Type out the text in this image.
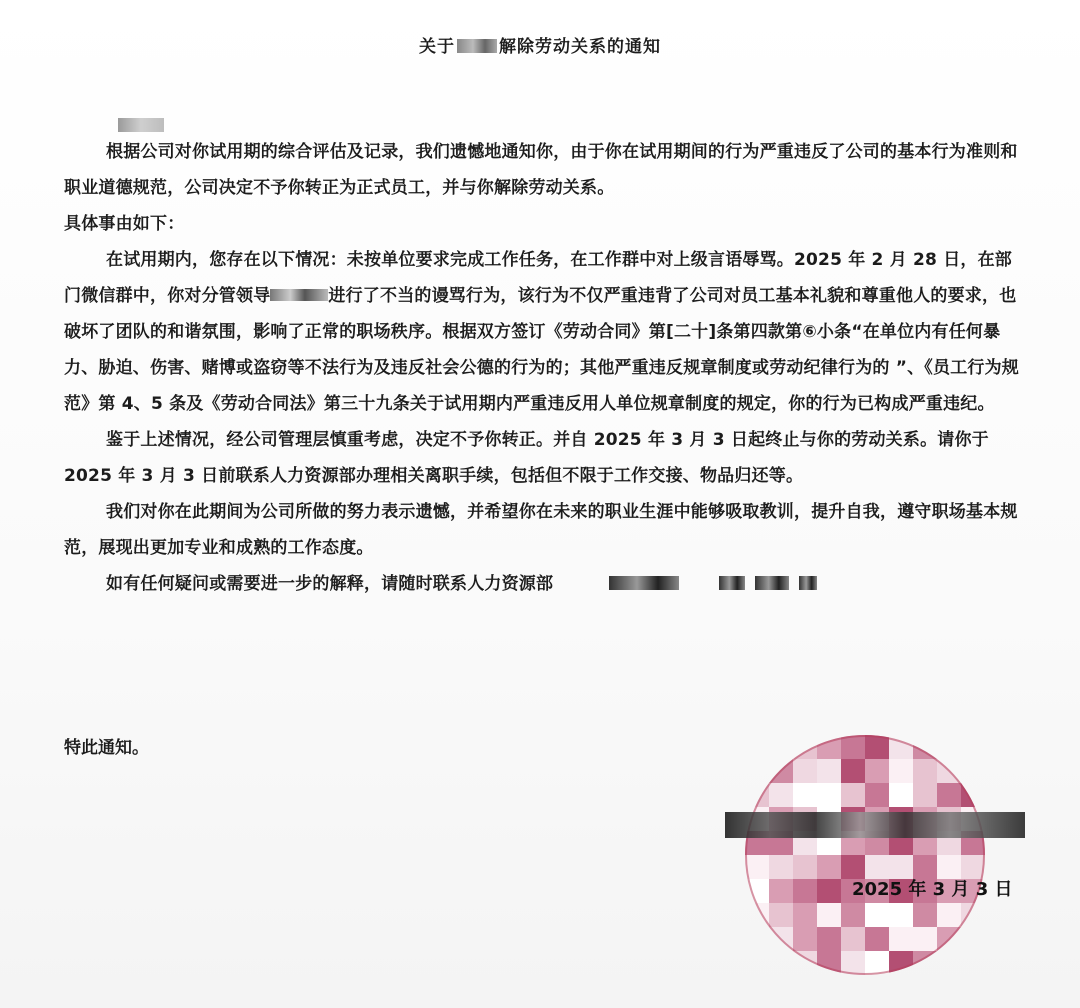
关于	解除劳动关系的通知

根据公司对你试用期的综合评估及记录，我们遗憾地通知你，由于你在试用期间的行为严重违反了公司的基本行为准则和职业道德规范，公司决定不予你转正为正式员工，并与你解除劳动关系。

具体事由如下：

在试用期内，您存在以下情况：未按单位要求完成工作任务，在工作群中对上级言语辱骂。2025 年 2 月 28 日，在部门微信群中，你对分管领导	进行了不当的谩骂行为，该行为不仅严重违背了公司对员工基本礼貌和尊重他人的要求，也破坏了团队的和谐氛围，影响了正常的职场秩序。根据双方签订《劳动合同》第[二十]条第四款第⑥小条“在单位内有任何暴力、胁迫、伤害、赌博或盗窃等不法行为及违反社会公德的行为的；其他严重违反规章制度或劳动纪律行为的 ”、《员工行为规范》第 4、5 条及《劳动合同法》第三十九条关于试用期内严重违反用人单位规章制度的规定，你的行为已构成严重违纪。

鉴于上述情况，经公司管理层慎重考虑，决定不予你转正。并自 2025 年 3 月 3 日起终止与你的劳动关系。请你于 2025 年 3 月 3 日前联系人力资源部办理相关离职手续，包括但不限于工作交接、物品归还等。

我们对你在此期间为公司所做的努力表示遗憾，并希望你在未来的职业生涯中能够吸取教训，提升自我，遵守职场基本规范，展现出更加专业和成熟的工作态度。

如有任何疑问或需要进一步的解释，请随时联系人力资源部

特此通知。
2025 年 3 月 3 日
